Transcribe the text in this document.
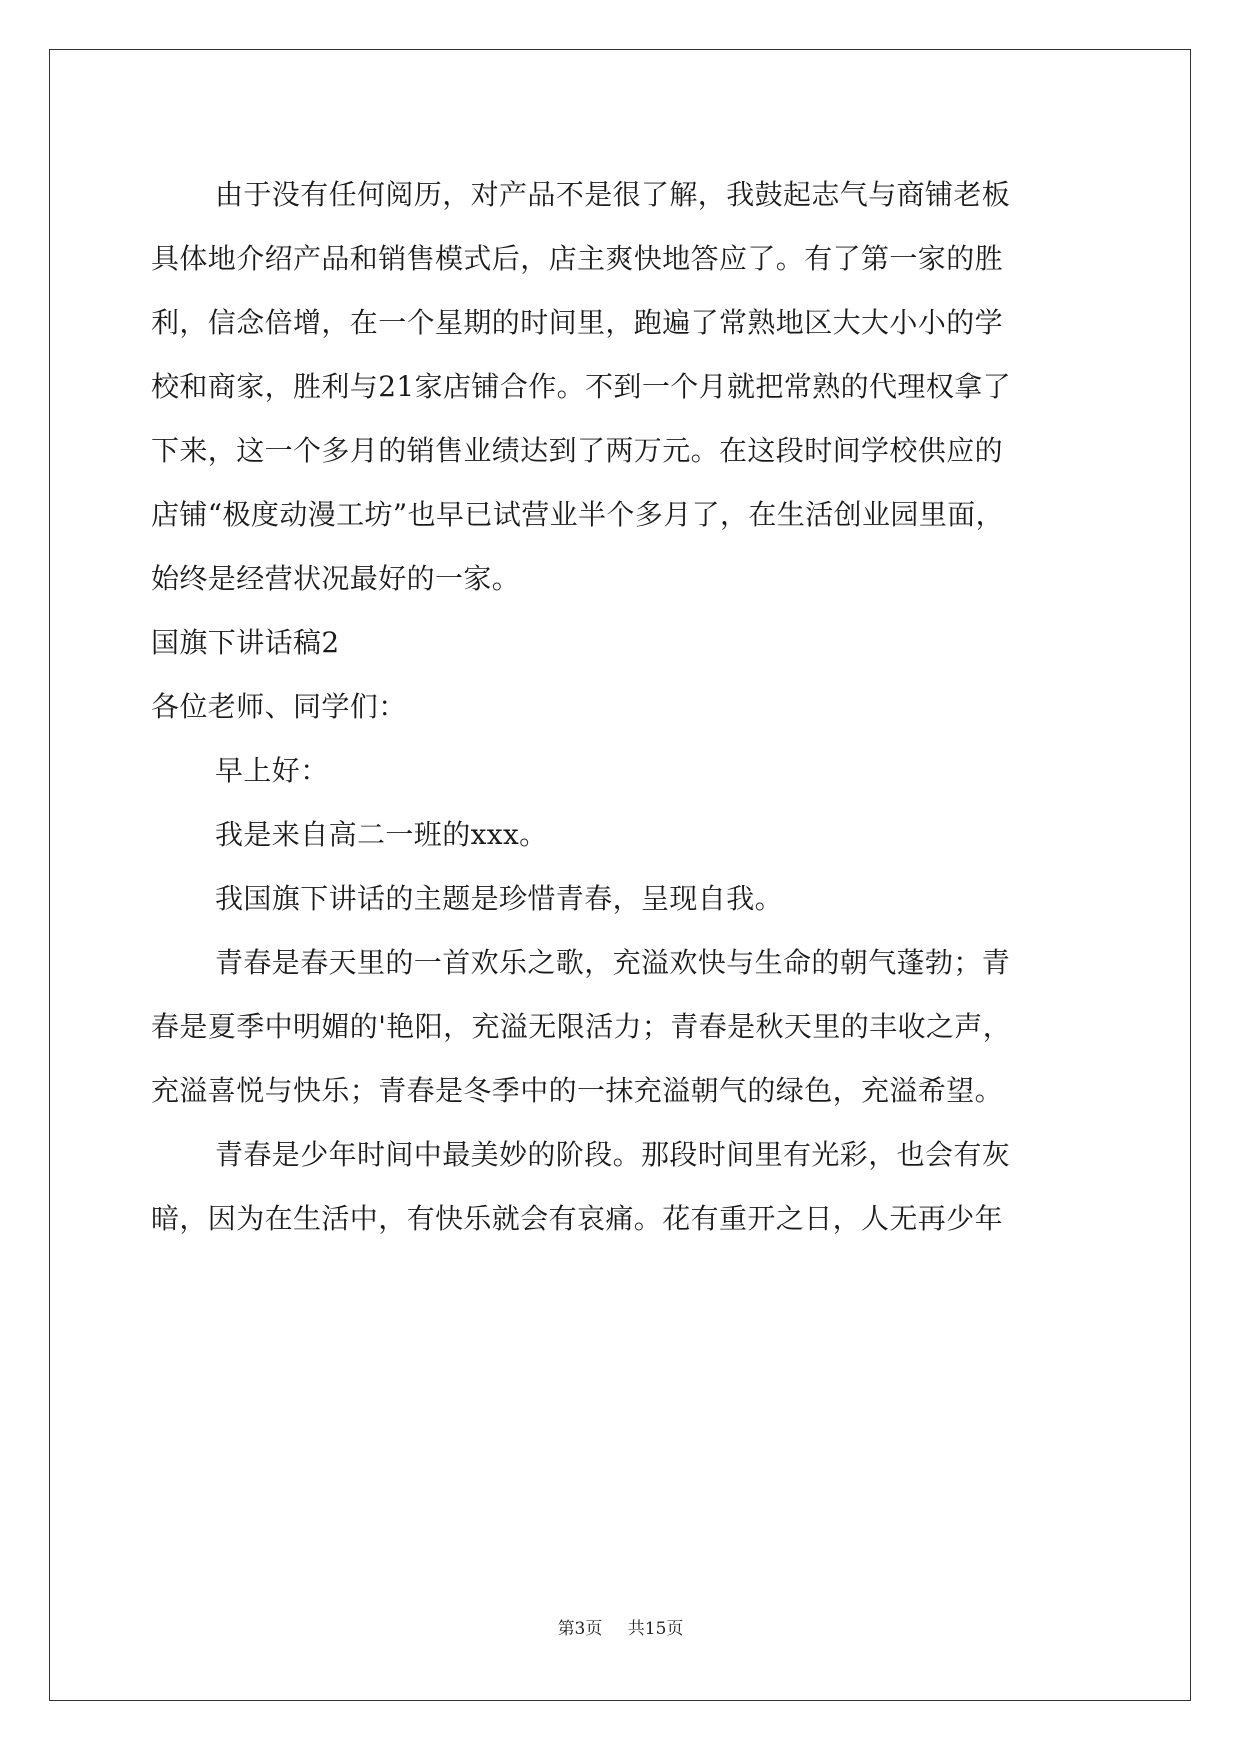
由于没有任何阅历，对产品不是很了解，我鼓起志气与商铺老板
具体地介绍产品和销售模式后，店主爽快地答应了。有了第一家的胜
利，信念倍增，在一个星期的时间里，跑遍了常熟地区大大小小的学
校和商家，胜利与21家店铺合作。不到一个月就把常熟的代理权拿了
下来，这一个多月的销售业绩达到了两万元。在这段时间学校供应的
店铺“极度动漫工坊”也早已试营业半个多月了，在生活创业园里面，
始终是经营状况最好的一家。
国旗下讲话稿2
各位老师、同学们：
早上好：
我是来自高二一班的xxx。
我国旗下讲话的主题是珍惜青春，呈现自我。
青春是春天里的一首欢乐之歌，充溢欢快与生命的朝气蓬勃；青
春是夏季中明媚的'艳阳，充溢无限活力；青春是秋天里的丰收之声，
充溢喜悦与快乐；青春是冬季中的一抹充溢朝气的绿色，充溢希望。
青春是少年时间中最美妙的阶段。那段时间里有光彩，也会有灰
暗，因为在生活中，有快乐就会有哀痛。花有重开之日，人无再少年
第3页 共15页
